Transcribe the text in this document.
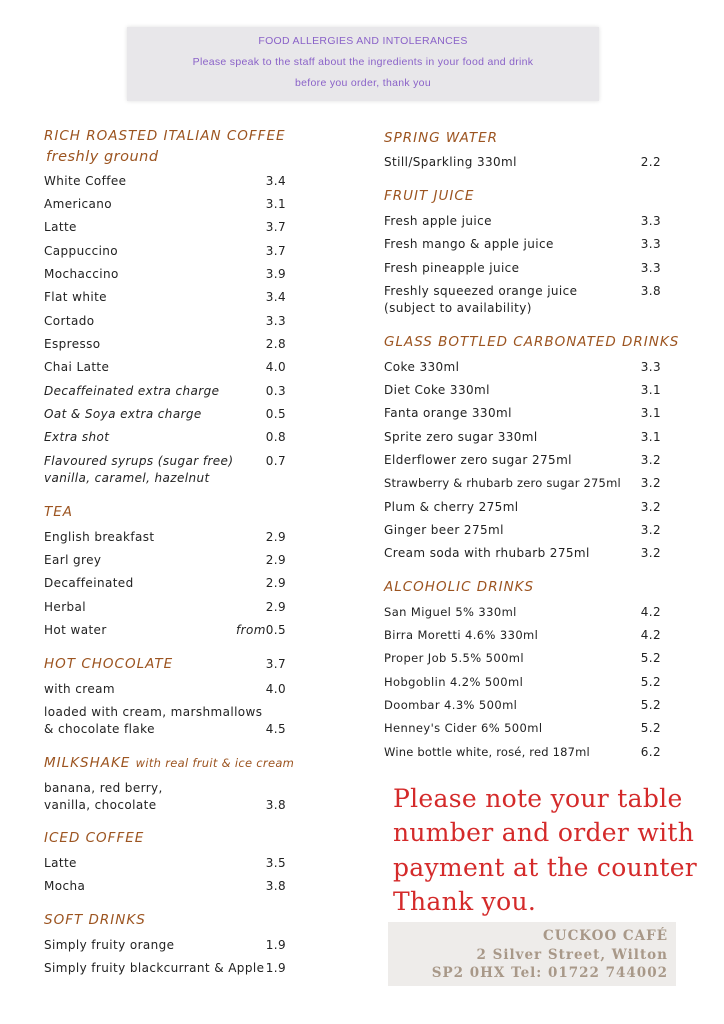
FOOD ALLERGIES AND INTOLERANCES
Please speak to the staff about the ingredients in your food and drink
before you order, thank you
RICH ROASTED ITALIAN COFFEE
freshly ground
White Coffee	3.4
Americano	3.1
Latte	3.7
Cappuccino	3.7
Mochaccino	3.9
Flat white	3.4
Cortado	3.3
Espresso	2.8
Chai Latte	4.0
Decaffeinated extra charge	0.3
Oat & Soya extra charge	0.5
Extra shot	0.8
Flavoured syrups (sugar free)	0.7
vanilla, caramel, hazelnut
TEA
English breakfast	2.9
Earl grey	2.9
Decaffeinated	2.9
Herbal	2.9
Hot water	from 0.5
HOT CHOCOLATE	3.7
with cream	4.0
loaded with cream, marshmallows
& chocolate flake	4.5
MILKSHAKE with real fruit & ice cream
banana, red berry,
vanilla, chocolate	3.8
ICED COFFEE
Latte	3.5
Mocha	3.8
SOFT DRINKS
Simply fruity orange	1.9
Simply fruity blackcurrant & Apple 1.9
SPRING WATER
Still/Sparkling 330ml	2.2
FRUIT JUICE
Fresh apple juice	3.3
Fresh mango & apple juice	3.3
Fresh pineapple juice	3.3
Freshly squeezed orange juice	3.8
(subject to availability)
GLASS BOTTLED CARBONATED DRINKS
Coke 330ml	3.3
Diet Coke 330ml	3.1
Fanta orange 330ml	3.1
Sprite zero sugar 330ml	3.1
Elderflower zero sugar 275ml	3.2
Strawberry & rhubarb zero sugar 275ml	3.2
Plum & cherry 275ml	3.2
Ginger beer 275ml	3.2
Cream soda with rhubarb 275ml	3.2
ALCOHOLIC DRINKS
San Miguel 5% 330ml	4.2
Birra Moretti 4.6% 330ml	4.2
Proper Job 5.5% 500ml	5.2
Hobgoblin 4.2% 500ml	5.2
Doombar 4.3% 500ml	5.2
Henney's Cider 6% 500ml	5.2
Wine bottle white, rosé, red 187ml	6.2
Please note your table
number and order with
payment at the counter
Thank you.
CUCKOO CAFÉ
2 Silver Street, Wilton
SP2 0HX Tel: 01722 744002
